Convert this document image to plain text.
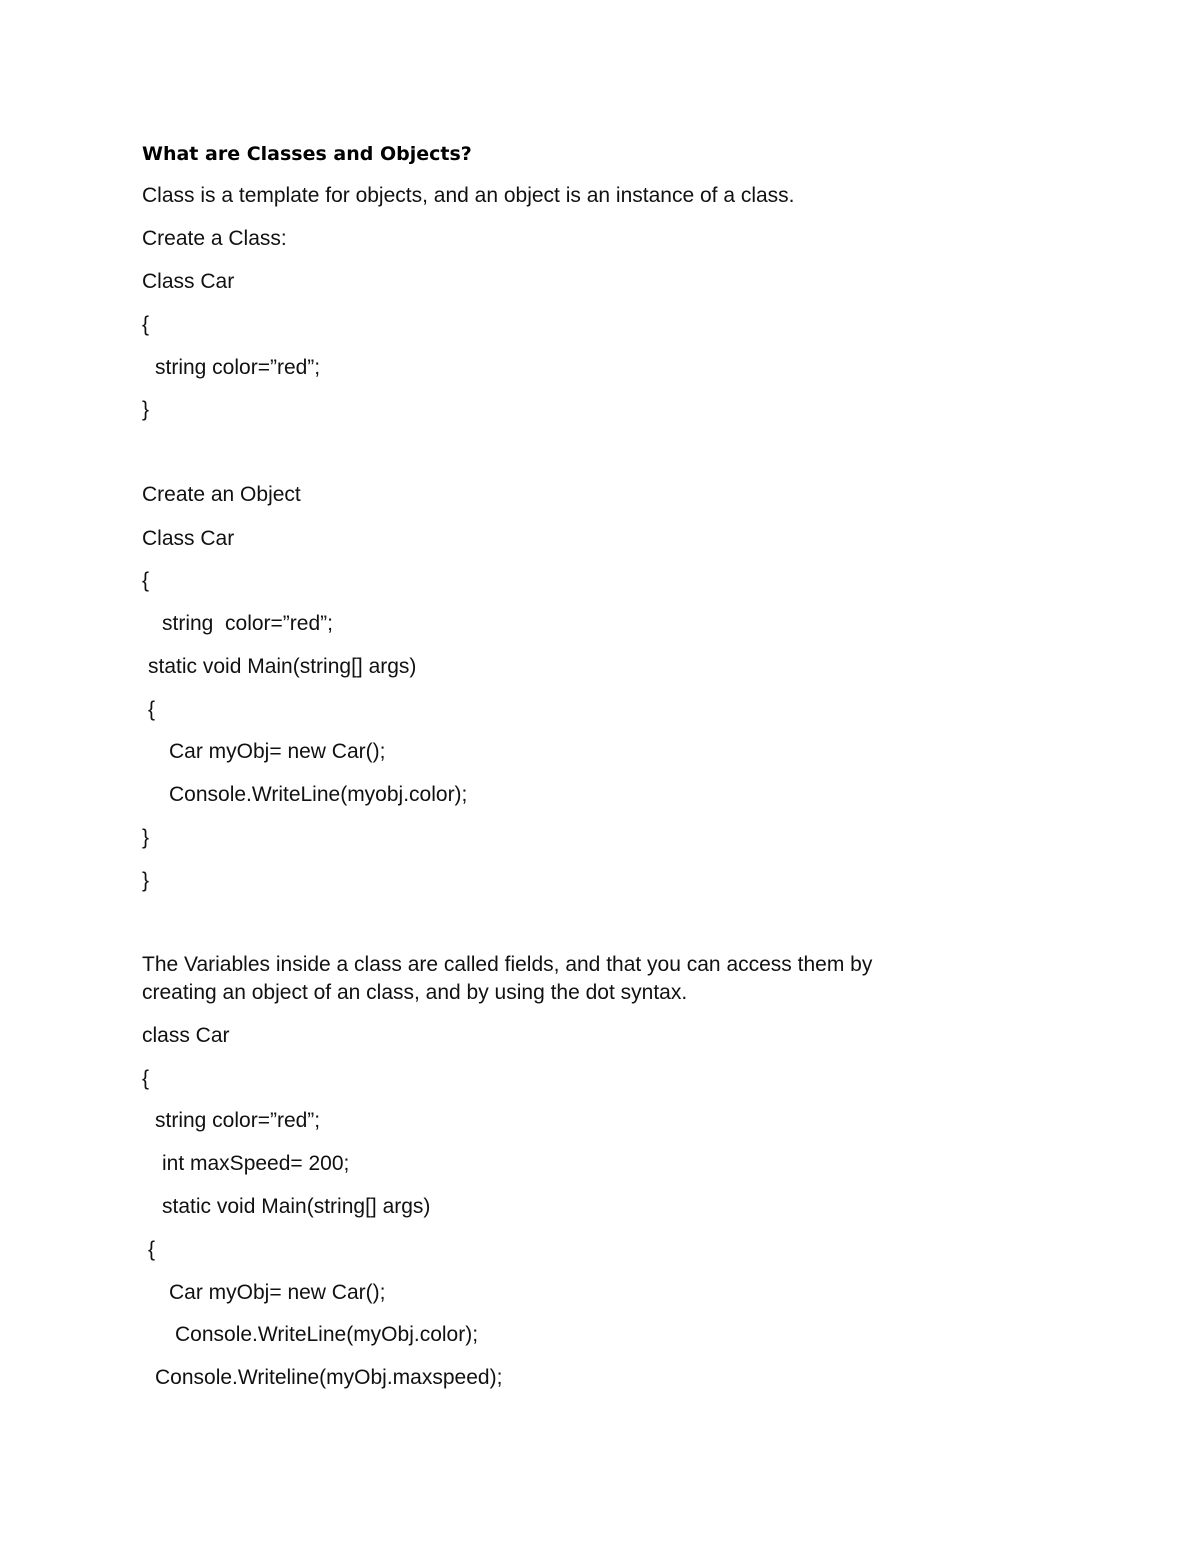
What are Classes and Objects?
Class is a template for objects, and an object is an instance of a class.
Create a Class:
Class Car
{
string color=”red”;
}
Create an Object
Class Car
{
string  color=”red”;
static void Main(string[] args)
{
Car myObj= new Car();
Console.WriteLine(myobj.color);
}
}
The Variables inside a class are called fields, and that you can access them by
creating an object of an class, and by using the dot syntax.
class Car
{
string color=”red”;
int maxSpeed= 200;
static void Main(string[] args)
{
Car myObj= new Car();
Console.WriteLine(myObj.color);
Console.Writeline(myObj.maxspeed);
